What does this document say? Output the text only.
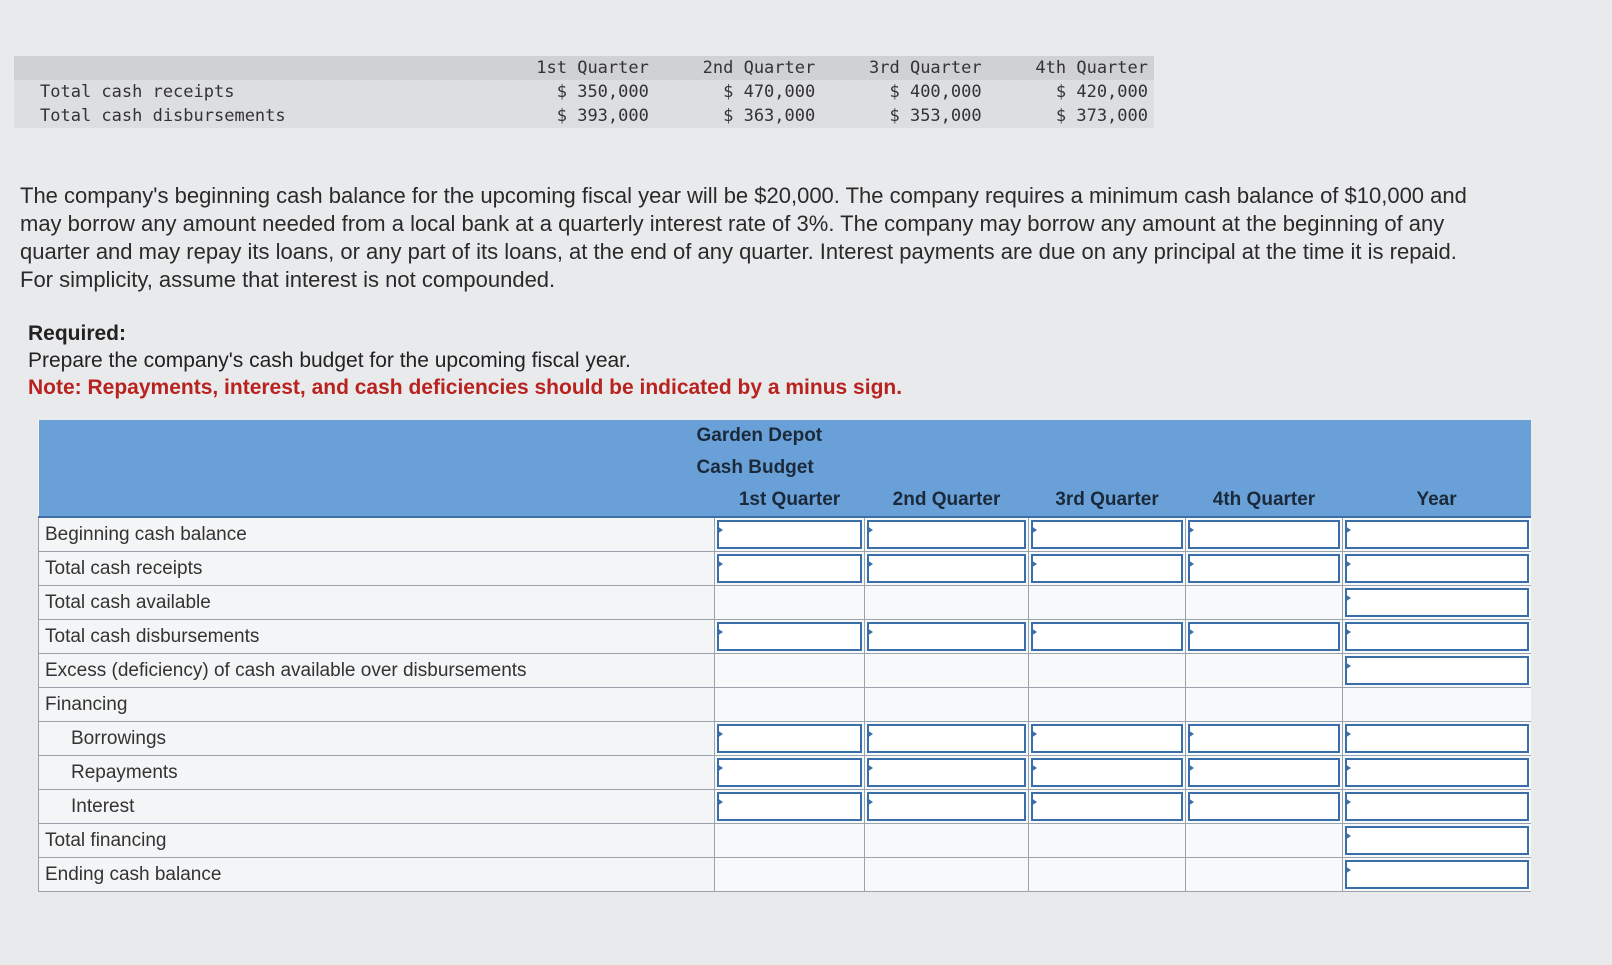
	1st Quarter	2nd Quarter	3rd Quarter	4th Quarter
Total cash receipts	$ 350,000	$ 470,000	$ 400,000	$ 420,000
Total cash disbursements	$ 393,000	$ 363,000	$ 353,000	$ 373,000

The company's beginning cash balance for the upcoming fiscal year will be $20,000. The company requires a minimum cash balance of $10,000 and may borrow any amount needed from a local bank at a quarterly interest rate of 3%. The company may borrow any amount at the beginning of any quarter and may repay its loans, or any part of its loans, at the end of any quarter. Interest payments are due on any principal at the time it is repaid. For simplicity, assume that interest is not compounded.

Required:
Prepare the company's cash budget for the upcoming fiscal year.
Note: Repayments, interest, and cash deficiencies should be indicated by a minus sign.
Garden Depot					
Cash Budget					
	1st Quarter	2nd Quarter	3rd Quarter	4th Quarter	Year
Beginning cash balance	

Total cash receipts	

Total cash available					

Total cash disbursements	

Excess (deficiency) of cash available over disbursements					

Financing					
Borrowings	

Repayments	

Interest	

Total financing					

Ending cash balance					
